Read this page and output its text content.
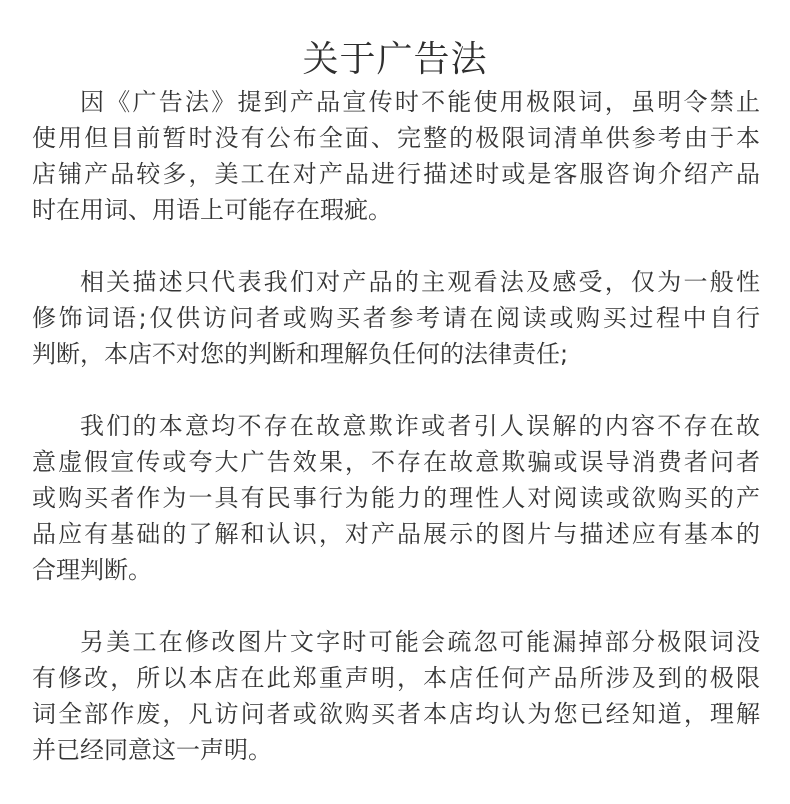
关于广告法
因《广告法》提到产品宣传时不能使用极限词，虽明令禁止
使用但目前暂时没有公布全面、完整的极限词清单供参考由于本
店铺产品较多，美工在对产品进行描述时或是客服咨询介绍产品
时在用词、用语上可能存在瑕疵。
相关描述只代表我们对产品的主观看法及感受，仅为一般性
修饰词语;仅供访问者或购买者参考请在阅读或购买过程中自行
判断，本店不对您的判断和理解负任何的法律责任;
我们的本意均不存在故意欺诈或者引人误解的内容不存在故
意虚假宣传或夸大广告效果，不存在故意欺骗或误导消费者问者
或购买者作为一具有民事行为能力的理性人对阅读或欲购买的产
品应有基础的了解和认识，对产品展示的图片与描述应有基本的
合理判断。
另美工在修改图片文字时可能会疏忽可能漏掉部分极限词没
有修改，所以本店在此郑重声明，本店任何产品所涉及到的极限
词全部作废，凡访问者或欲购买者本店均认为您已经知道，理解
并已经同意这一声明。
